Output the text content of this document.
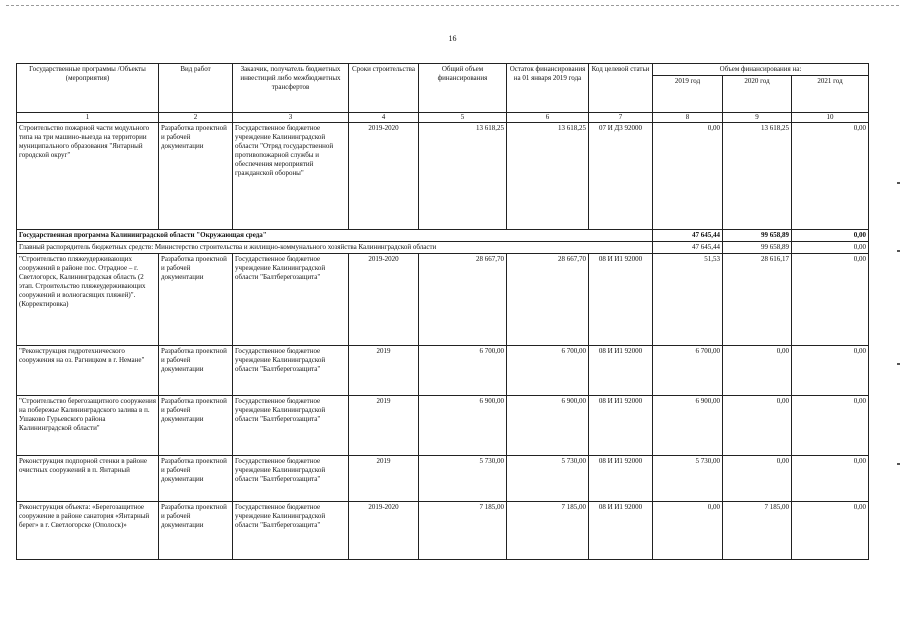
16
Государственные программы /Объекты (мероприятия)	Вид работ	Заказчик, получатель бюджетных инвестиций либо межбюджетных трансфертов	Сроки строительства	Общий объем финансирования	Остаток финансирования на 01 января 2019 года	Код целевой статьи	Объем финансирования на:		
							2019 год	2020 год	2021 год
1	2	3	4	5	6	7	8	9	10
Строительство пожарной части модульного типа на три машино-выезда на территории муниципального образования "Янтарный городской округ"	Разработка проектной и рабочей документации	Государственное бюджетное учреждение Калининградской области "Отряд государственной противопожарной службы и обеспечения мероприятий гражданской обороны"	2019-2020	13 618,25	13 618,25	07 И Д3 92000	0,00	13 618,25	0,00
Государственная программа Калининградской области "Окружающая среда"							47 645,44	99 658,89	0,00
Главный распорядитель бюджетных средств: Министерство строительства и жилищно-коммунального хозяйства Калининградской области							47 645,44	99 658,89	0,00
"Строительство пляжеудерживающих сооружений в районе пос. Отрадное – г. Светлогорск, Калининградская область (2 этап. Строительство пляжеудерживающих сооружений и волногасящих пляжей)". (Корректировка)	Разработка проектной и рабочей документации	Государственное бюджетное учреждение Калининградской области "Балтберегозащита"	2019-2020	28 667,70	28 667,70	08 И И1 92000	51,53	28 616,17	0,00
"Реконструкция гидротехнического сооружения на оз. Рагницком в г. Немане"	Разработка проектной и рабочей документации	Государственное бюджетное учреждение Калининградской области "Балтберегозащита"	2019	6 700,00	6 700,00	08 И И1 92000	6 700,00	0,00	0,00
"Строительство берегозащитного сооружения на побережье Калининградского залива в п. Ушаково Гурьевского района Калининградской области"	Разработка проектной и рабочей документации	Государственное бюджетное учреждение Калининградской области "Балтберегозащита"	2019	6 900,00	6 900,00	08 И И1 92000	6 900,00	0,00	0,00
Реконструкция подпорной стенки в районе очистных сооружений в п. Янтарный	Разработка проектной и рабочей документации	Государственное бюджетное учреждение Калининградской области "Балтберегозащита"	2019	5 730,00	5 730,00	08 И И1 92000	5 730,00	0,00	0,00
Реконструкция объекта: «Берегозащитное сооружение в районе санатория «Янтарный берег» в г. Светлогорске (Ополоск)»	Разработка проектной и рабочей документации	Государственное бюджетное учреждение Калининградской области "Балтберегозащита"	2019-2020	7 185,00	7 185,00	08 И И1 92000	0,00	7 185,00	0,00
